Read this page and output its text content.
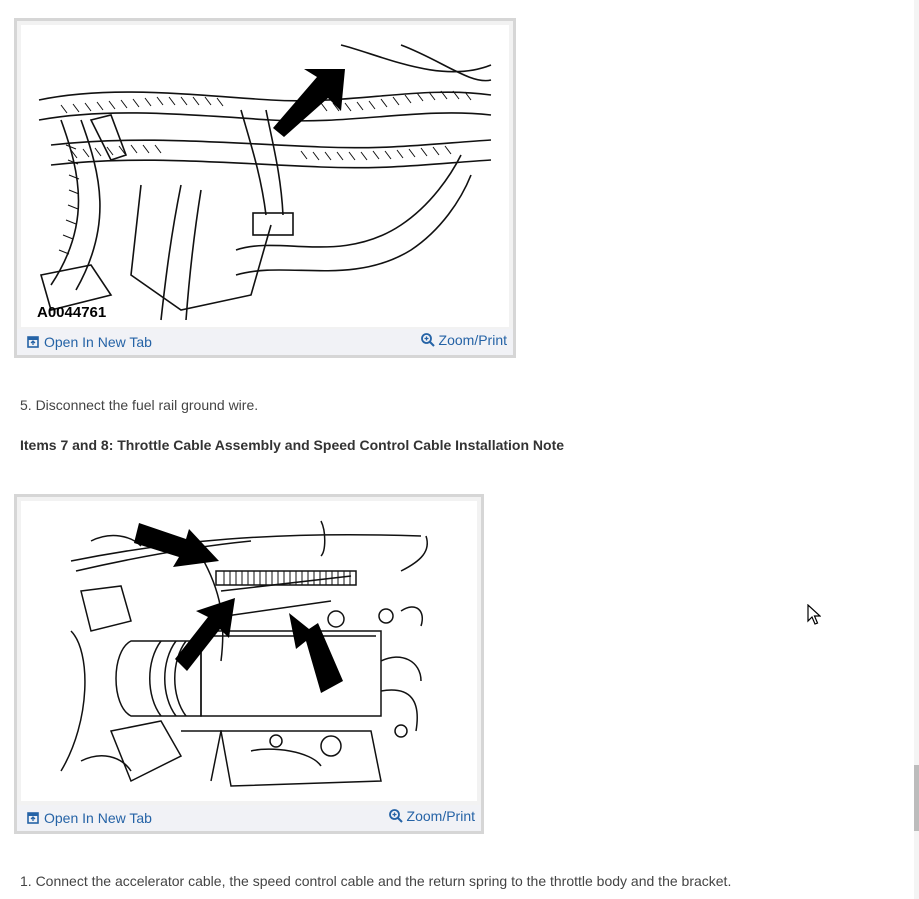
A0044761
Open In New Tab	Zoom/Print
5. Disconnect the fuel rail ground wire.
Items 7 and 8: Throttle Cable Assembly and Speed Control Cable Installation Note
Open In New Tab	Zoom/Print
1. Connect the accelerator cable, the speed control cable and the return spring to the throttle body and the bracket.
